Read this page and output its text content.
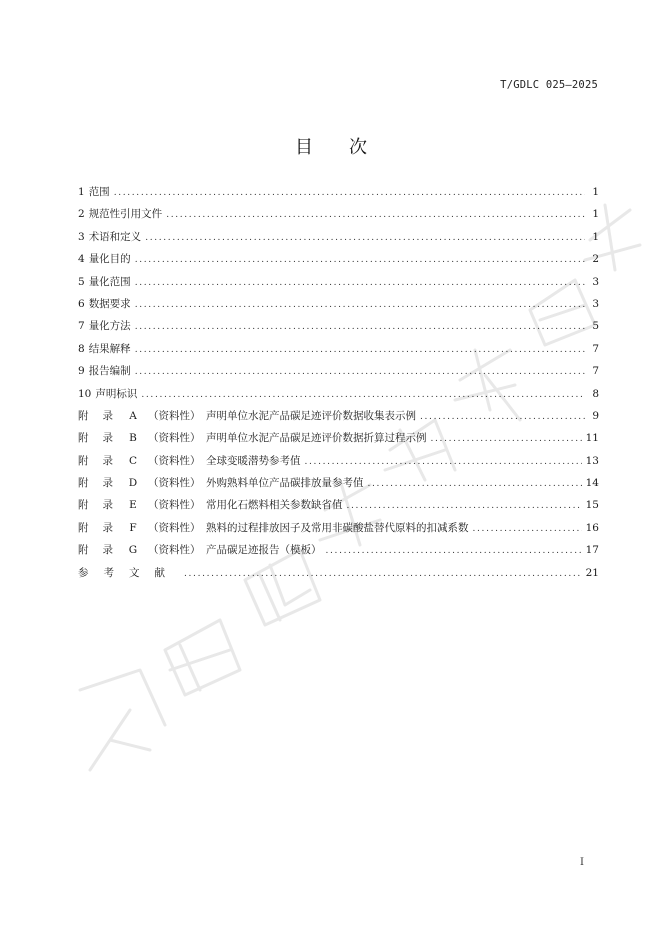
T/GDLC 025—2025
目 次
1 范围 . . .	1
2 规范性引用文件 . . .	1
3 术语和定义 . . .	1
4 量化目的 . . .	2
5 量化范围 . . .	3
6 数据要求 . . .	3
7 量化方法 . . .	5
8 结果解释 . . .	7
9 报告编制 . . .	7
10 声明标识 . . .	8
附录 A （资料性） 声明单位水泥产品碳足迹评价数据收集表示例 . . .	9
附录 B （资料性） 声明单位水泥产品碳足迹评价数据折算过程示例 . . .	11
附录 C （资料性） 全球变暖潜势参考值 . . .	13
附录 D （资料性） 外购熟料单位产品碳排放量参考值 . . .	14
附录 E （资料性） 常用化石燃料相关参数缺省值 . . .	15
附录 F （资料性） 熟料的过程排放因子及常用非碳酸盐替代原料的扣减系数 . . .	16
附录 G （资料性） 产品碳足迹报告（模板） . . .	17
参考文献 . . .	21
I
